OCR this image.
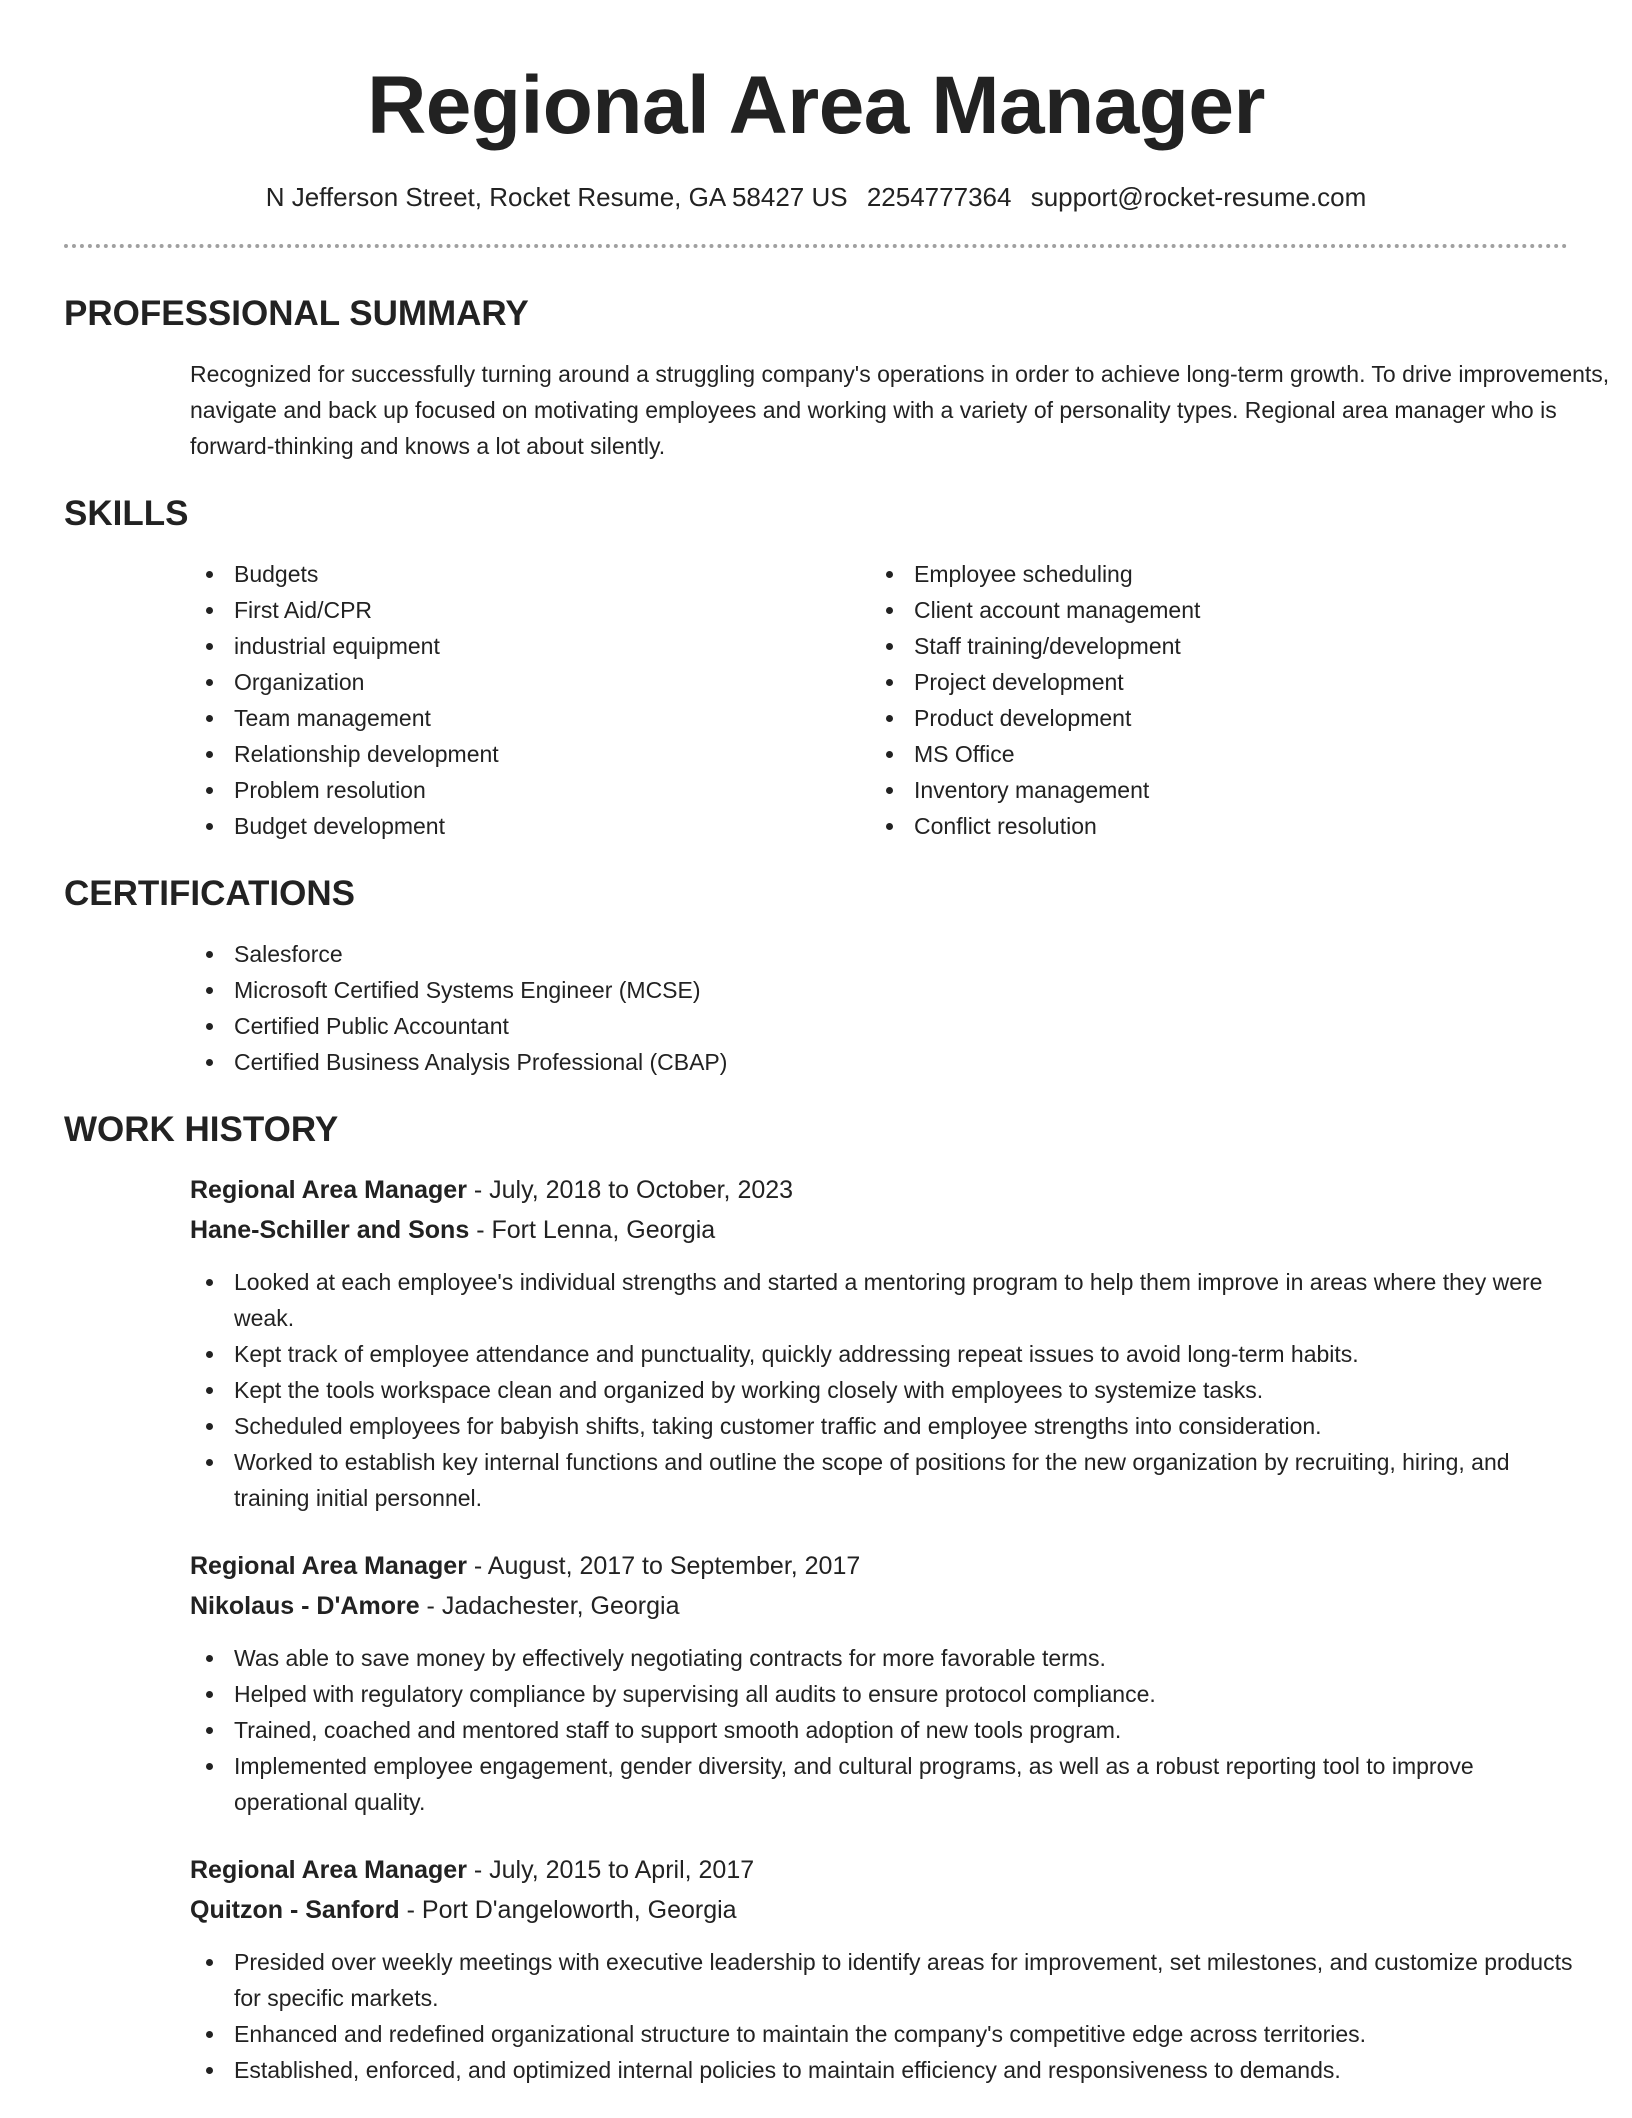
Regional Area Manager
N Jefferson Street, Rocket Resume, GA 58427 US 2254777364 support@rocket-resume.com
PROFESSIONAL SUMMARY

Recognized for successfully turning around a struggling company's operations in order to achieve long-term growth. To drive improvements, navigate and back up focused on motivating employees and working with a variety of personality types. Regional area manager who is forward-thinking and knows a lot about silently.

SKILLS
Budgets
First Aid/CPR
industrial equipment
Organization
Team management
Relationship development
Problem resolution
Budget development
Employee scheduling
Client account management
Staff training/development
Project development
Product development
MS Office
Inventory management
Conflict resolution
CERTIFICATIONS
Salesforce
Microsoft Certified Systems Engineer (MCSE)
Certified Public Accountant
Certified Business Analysis Professional (CBAP)
WORK HISTORY
Regional Area Manager - July, 2018 to October, 2023
Hane-Schiller and Sons - Fort Lenna, Georgia
Looked at each employee's individual strengths and started a mentoring program to help them improve in areas where they were weak.
Kept track of employee attendance and punctuality, quickly addressing repeat issues to avoid long-term habits.
Kept the tools workspace clean and organized by working closely with employees to systemize tasks.
Scheduled employees for babyish shifts, taking customer traffic and employee strengths into consideration.
Worked to establish key internal functions and outline the scope of positions for the new organization by recruiting, hiring, and training initial personnel.
Regional Area Manager - August, 2017 to September, 2017
Nikolaus - D'Amore - Jadachester, Georgia
Was able to save money by effectively negotiating contracts for more favorable terms.
Helped with regulatory compliance by supervising all audits to ensure protocol compliance.
Trained, coached and mentored staff to support smooth adoption of new tools program.
Implemented employee engagement, gender diversity, and cultural programs, as well as a robust reporting tool to improve operational quality.
Regional Area Manager - July, 2015 to April, 2017
Quitzon - Sanford - Port D'angeloworth, Georgia
Presided over weekly meetings with executive leadership to identify areas for improvement, set milestones, and customize products for specific markets.
Enhanced and redefined organizational structure to maintain the company's competitive edge across territories.
Established, enforced, and optimized internal policies to maintain efficiency and responsiveness to demands.
